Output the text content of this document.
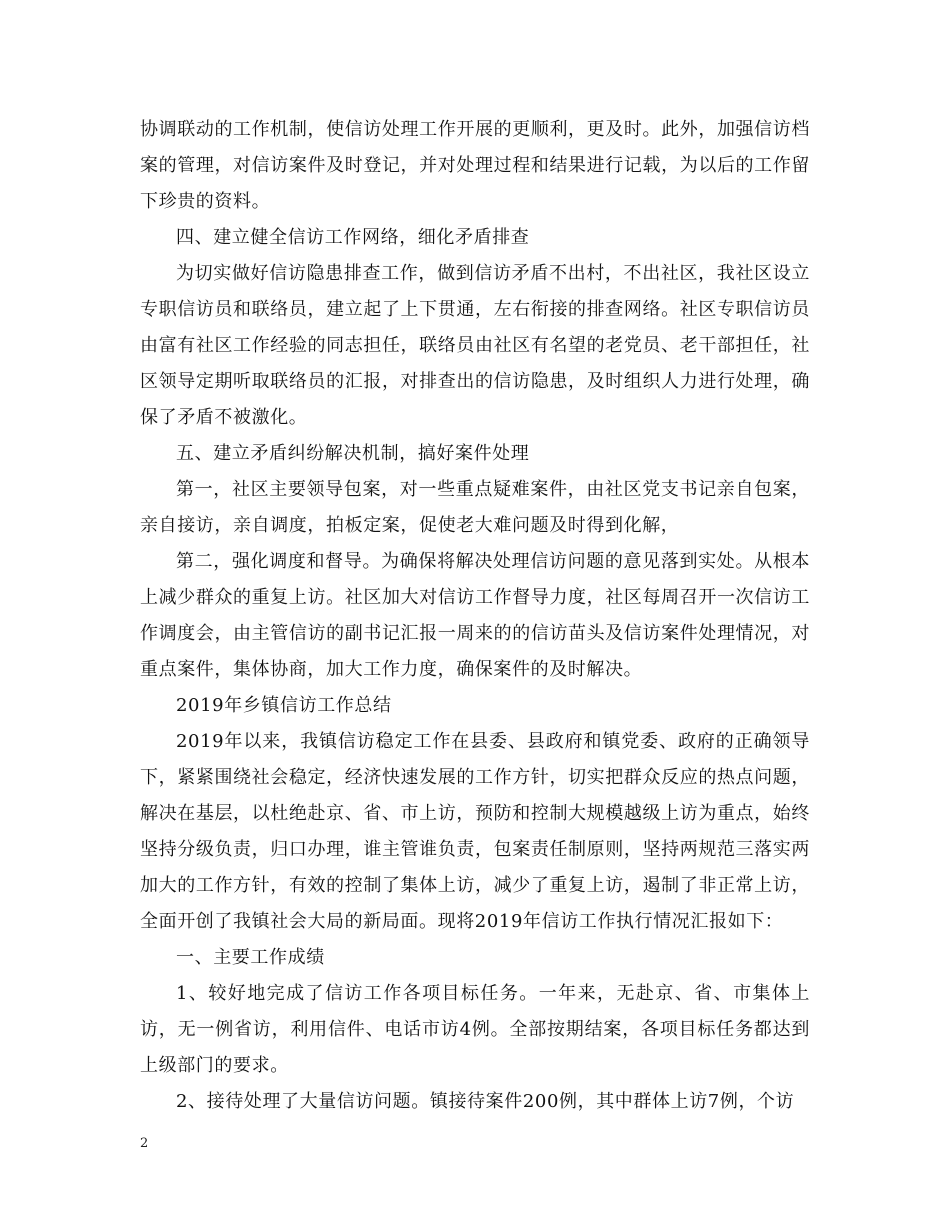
协调联动的工作机制，使信访处理工作开展的更顺利，更及时。此外，加强信访档案的管理，对信访案件及时登记，并对处理过程和结果进行记载，为以后的工作留下珍贵的资料。

四、建立健全信访工作网络，细化矛盾排查

为切实做好信访隐患排查工作，做到信访矛盾不出村，不出社区，我社区设立专职信访员和联络员，建立起了上下贯通，左右衔接的排查网络。社区专职信访员由富有社区工作经验的同志担任，联络员由社区有名望的老党员、老干部担任，社区领导定期听取联络员的汇报，对排查出的信访隐患，及时组织人力进行处理，确保了矛盾不被激化。

五、建立矛盾纠纷解决机制，搞好案件处理

第一，社区主要领导包案，对一些重点疑难案件，由社区党支书记亲自包案，亲自接访，亲自调度，拍板定案，促使老大难问题及时得到化解，

第二，强化调度和督导。为确保将解决处理信访问题的意见落到实处。从根本上减少群众的重复上访。社区加大对信访工作督导力度，社区每周召开一次信访工作调度会，由主管信访的副书记汇报一周来的的信访苗头及信访案件处理情况，对重点案件，集体协商，加大工作力度，确保案件的及时解决。

2019年乡镇信访工作总结

2019年以来，我镇信访稳定工作在县委、县政府和镇党委、政府的正确领导下，紧紧围绕社会稳定，经济快速发展的工作方针，切实把群众反应的热点问题，解决在基层，以杜绝赴京、省、市上访，预防和控制大规模越级上访为重点，始终坚持分级负责，归口办理，谁主管谁负责，包案责任制原则，坚持两规范三落实两加大的工作方针，有效的控制了集体上访，减少了重复上访，遏制了非正常上访，全面开创了我镇社会大局的新局面。现将2019年信访工作执行情况汇报如下：

一、主要工作成绩

1、较好地完成了信访工作各项目标任务。一年来，无赴京、省、市集体上访，无一例省访，利用信件、电话市访4例。全部按期结案，各项目标任务都达到上级部门的要求。

2、接待处理了大量信访问题。镇接待案件200例，其中群体上访7例，个访

2
